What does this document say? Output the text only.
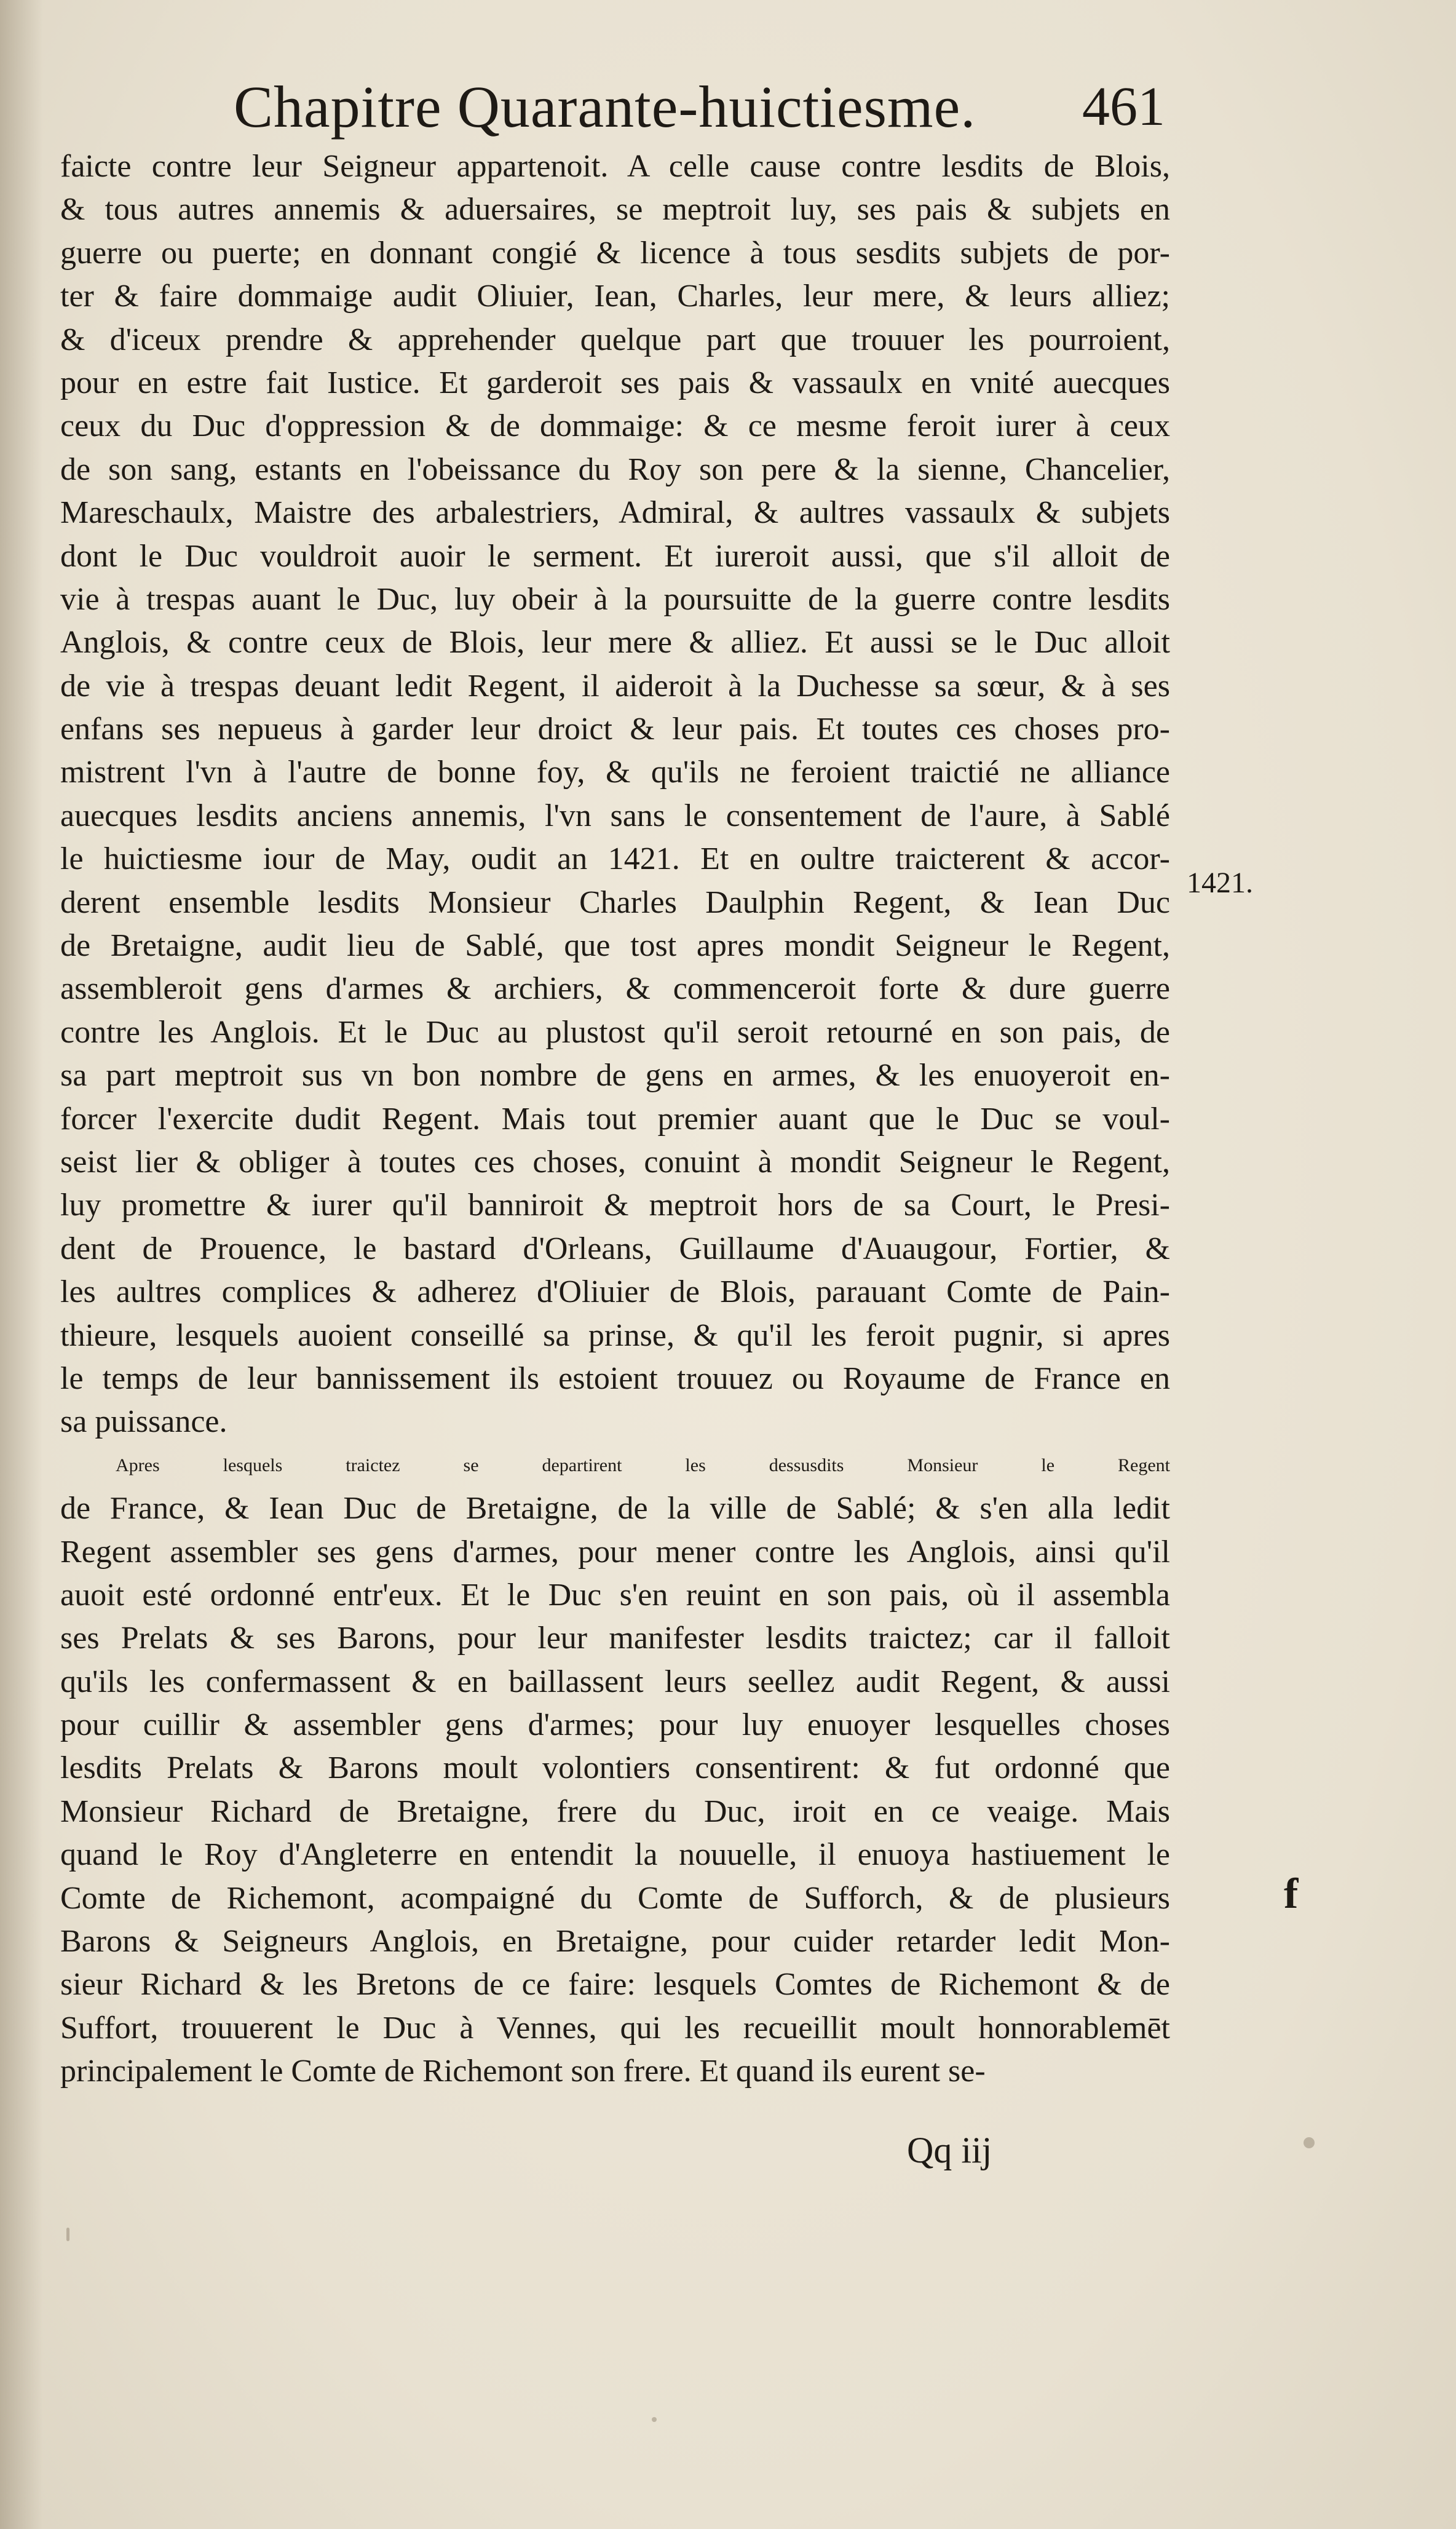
Chapitre Quarante-huictiesme. 461
faicte contre leur Seigneur appartenoit. A celle cause contre lesdits de Blois,
& tous autres annemis & aduersaires, se meptroit luy, ses pais & subjets en
guerre ou puerte; en donnant congié & licence à tous sesdits subjets de por-
ter & faire dommaige audit Oliuier, Iean, Charles, leur mere, & leurs alliez;
& d'iceux prendre & apprehender quelque part que trouuer les pourroient,
pour en estre fait Iustice. Et garderoit ses pais & vassaulx en vnité auecques
ceux du Duc d'oppression & de dommaige: & ce mesme feroit iurer à ceux
de son sang, estants en l'obeissance du Roy son pere & la sienne, Chancelier,
Mareschaulx, Maistre des arbalestriers, Admiral, & aultres vassaulx & subjets
dont le Duc vouldroit auoir le serment. Et iureroit aussi, que s'il alloit de
vie à trespas auant le Duc, luy obeir à la poursuitte de la guerre contre lesdits
Anglois, & contre ceux de Blois, leur mere & alliez. Et aussi se le Duc alloit
de vie à trespas deuant ledit Regent, il aideroit à la Duchesse sa sœur, & à ses
enfans ses nepueus à garder leur droict & leur pais. Et toutes ces choses pro-
mistrent l'vn à l'autre de bonne foy, & qu'ils ne feroient traictié ne alliance
auecques lesdits anciens annemis, l'vn sans le consentement de l'aure, à Sablé
le huictiesme iour de May, oudit an 1421. Et en oultre traicterent & accor-
derent ensemble lesdits Monsieur Charles Daulphin Regent, & Iean Duc
de Bretaigne, audit lieu de Sablé, que tost apres mondit Seigneur le Regent,
assembleroit gens d'armes & archiers, & commenceroit forte & dure guerre
contre les Anglois. Et le Duc au plustost qu'il seroit retourné en son pais, de
sa part meptroit sus vn bon nombre de gens en armes, & les enuoyeroit en-
forcer l'exercite dudit Regent. Mais tout premier auant que le Duc se voul-
seist lier & obliger à toutes ces choses, conuint à mondit Seigneur le Regent,
luy promettre & iurer qu'il banniroit & meptroit hors de sa Court, le Presi-
dent de Prouence, le bastard d'Orleans, Guillaume d'Auaugour, Fortier, &
les aultres complices & adherez d'Oliuier de Blois, parauant Comte de Pain-
thieure, lesquels auoient conseillé sa prinse, & qu'il les feroit pugnir, si apres
le temps de leur bannissement ils estoient trouuez ou Royaume de France en
sa puissance.
Apres lesquels traictez se departirent les dessusdits Monsieur le Regent
de France, & Iean Duc de Bretaigne, de la ville de Sablé; & s'en alla ledit
Regent assembler ses gens d'armes, pour mener contre les Anglois, ainsi qu'il
auoit esté ordonné entr'eux. Et le Duc s'en reuint en son pais, où il assembla
ses Prelats & ses Barons, pour leur manifester lesdits traictez; car il falloit
qu'ils les confermassent & en baillassent leurs seellez audit Regent, & aussi
pour cuillir & assembler gens d'armes; pour luy enuoyer lesquelles choses
lesdits Prelats & Barons moult volontiers consentirent: & fut ordonné que
Monsieur Richard de Bretaigne, frere du Duc, iroit en ce veaige. Mais
quand le Roy d'Angleterre en entendit la nouuelle, il enuoya hastiuement le
Comte de Richemont, acompaigné du Comte de Sufforch, & de plusieurs
Barons & Seigneurs Anglois, en Bretaigne, pour cuider retarder ledit Mon-
sieur Richard & les Bretons de ce faire: lesquels Comtes de Richemont & de
Suffort, trouuerent le Duc à Vennes, qui les recueillit moult honnorablemēt
principalement le Comte de Richemont son frere. Et quand ils eurent se-
1421.
f
Qq iij
